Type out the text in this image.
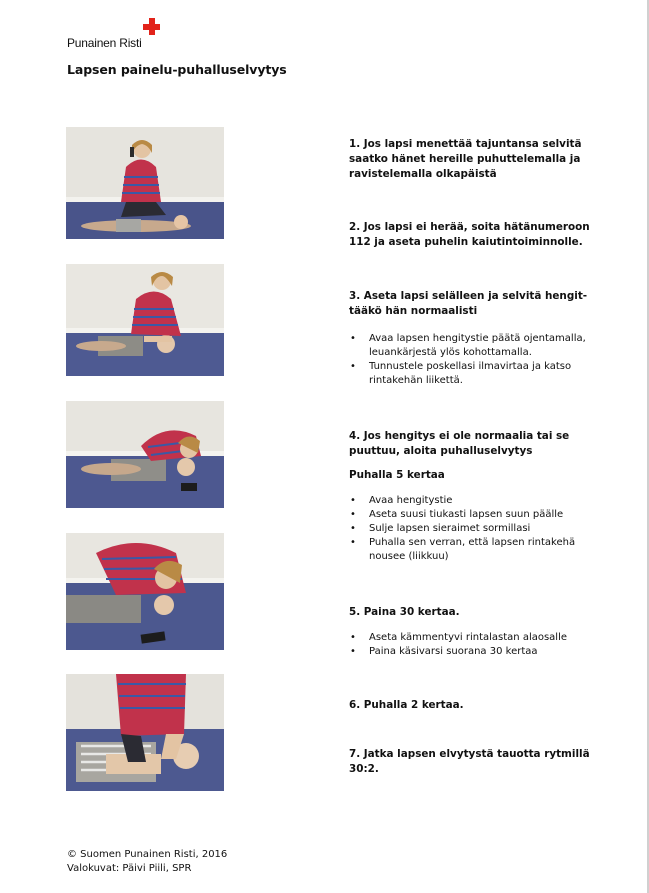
Punainen Risti
Lapsen painelu-puhalluselvytys
1. Jos lapsi menettää tajuntansa selvitä saatko hänet hereille puhuttelemalla ja ravistelemalla olkapäistä
2. Jos lapsi ei herää, soita hätänumeroon 112 ja aseta puhelin kaiutintoiminnolle.
3. Aseta lapsi selälleen ja selvitä hengit-tääkö hän normaalisti
• Avaa lapsen hengitystie päätä ojentamalla, leuankärjestä ylös kohottamalla.
• Tunnustele poskellasi ilmavirtaa ja katso rintakehän liikettä.
4. Jos hengitys ei ole normaalia tai se puuttuu, aloita puhalluselvytys
Puhalla 5 kertaa
• Avaa hengitystie
• Aseta suusi tiukasti lapsen suun päälle
• Sulje lapsen sieraimet sormillasi
• Puhalla sen verran, että lapsen rintakehä nousee (liikkuu)
5. Paina 30 kertaa.
• Aseta kämmentyvi rintalastan alaosalle
• Paina käsivarsi suorana 30 kertaa
6. Puhalla 2 kertaa.
7. Jatka lapsen elvytystä tauotta rytmillä 30:2.
© Suomen Punainen Risti, 2016
Valokuvat: Päivi Piili, SPR
